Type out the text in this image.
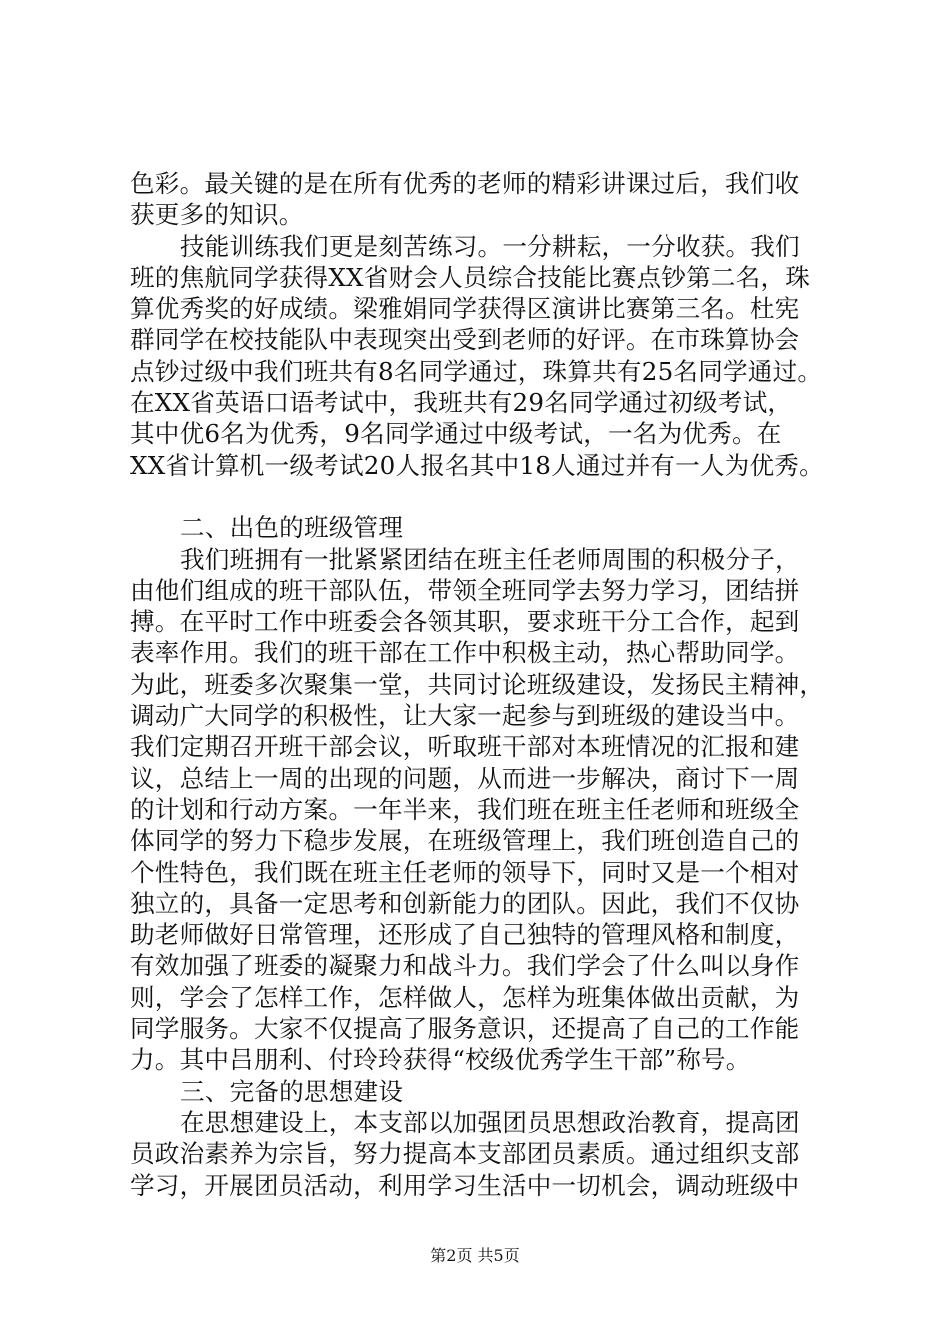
色彩。最关键的是在所有优秀的老师的精彩讲课过后，我们收
获更多的知识。
技能训练我们更是刻苦练习。一分耕耘，一分收获。我们
班的焦航同学获得XX省财会人员综合技能比赛点钞第二名，珠
算优秀奖的好成绩。梁雅娟同学获得区演讲比赛第三名。杜宪
群同学在校技能队中表现突出受到老师的好评。在市珠算协会
点钞过级中我们班共有8名同学通过，珠算共有25名同学通过。
在XX省英语口语考试中，我班共有29名同学通过初级考试，
其中优6名为优秀，9名同学通过中级考试，一名为优秀。在
XX省计算机一级考试20人报名其中18人通过并有一人为优秀。
二、出色的班级管理
我们班拥有一批紧紧团结在班主任老师周围的积极分子，
由他们组成的班干部队伍，带领全班同学去努力学习，团结拼
搏。在平时工作中班委会各领其职，要求班干分工合作，起到
表率作用。我们的班干部在工作中积极主动，热心帮助同学。
为此，班委多次聚集一堂，共同讨论班级建设，发扬民主精神，
调动广大同学的积极性，让大家一起参与到班级的建设当中。
我们定期召开班干部会议，听取班干部对本班情况的汇报和建
议，总结上一周的出现的问题，从而进一步解决，商讨下一周
的计划和行动方案。一年半来，我们班在班主任老师和班级全
体同学的努力下稳步发展，在班级管理上，我们班创造自己的
个性特色，我们既在班主任老师的领导下，同时又是一个相对
独立的，具备一定思考和创新能力的团队。因此，我们不仅协
助老师做好日常管理，还形成了自己独特的管理风格和制度，
有效加强了班委的凝聚力和战斗力。我们学会了什么叫以身作
则，学会了怎样工作，怎样做人，怎样为班集体做出贡献，为
同学服务。大家不仅提高了服务意识，还提高了自己的工作能
力。其中吕朋利、付玲玲获得“校级优秀学生干部”称号。
三、完备的思想建设
在思想建设上，本支部以加强团员思想政治教育，提高团
员政治素养为宗旨，努力提高本支部团员素质。通过组织支部
学习，开展团员活动，利用学习生活中一切机会，调动班级中
第2页 共5页
